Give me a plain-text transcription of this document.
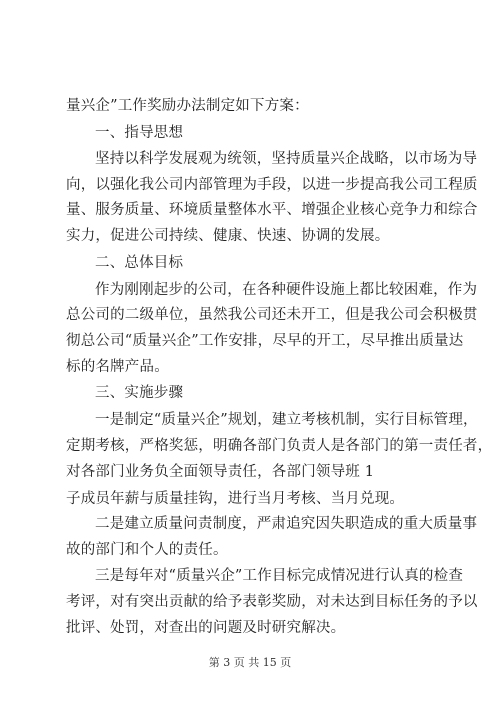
量兴企”工作奖励办法制定如下方案：
一、指导思想
坚持以科学发展观为统领，坚持质量兴企战略，以市场为导
向，以强化我公司内部管理为手段，以进一步提高我公司工程质
量、服务质量、环境质量整体水平、增强企业核心竞争力和综合
实力，促进公司持续、健康、快速、协调的发展。
二、总体目标
作为刚刚起步的公司，在各种硬件设施上都比较困难，作为
总公司的二级单位，虽然我公司还未开工，但是我公司会积极贯
彻总公司“质量兴企”工作安排，尽早的开工，尽早推出质量达
标的名牌产品。
三、实施步骤
一是制定“质量兴企”规划，建立考核机制，实行目标管理，
定期考核，严格奖惩，明确各部门负责人是各部门的第一责任者，
对各部门业务负全面领导责任，各部门领导班 1
子成员年薪与质量挂钩，进行当月考核、当月兑现。
二是建立质量问责制度，严肃追究因失职造成的重大质量事
故的部门和个人的责任。
三是每年对“质量兴企”工作目标完成情况进行认真的检查
考评，对有突出贡献的给予表彰奖励，对未达到目标任务的予以
批评、处罚，对查出的问题及时研究解决。
第 3 页 共 15 页
